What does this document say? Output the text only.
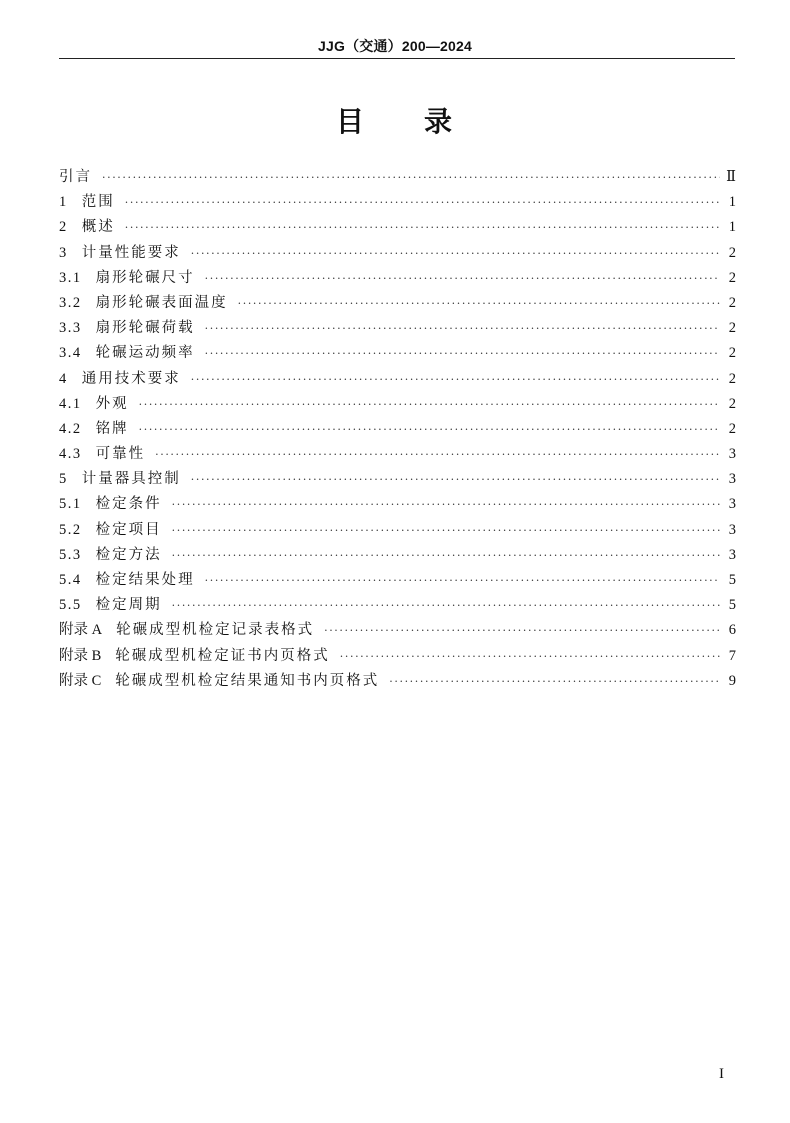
JJG（交通）200—2024
目 录
引言 ·····	Ⅱ
1 范围 ·····	1
2 概述 ·····	1
3 计量性能要求 ·····	2
3.1 扇形轮碾尺寸 ·····	2
3.2 扇形轮碾表面温度 ·····	2
3.3 扇形轮碾荷载 ·····	2
3.4 轮碾运动频率 ·····	2
4 通用技术要求 ·····	2
4.1 外观 ·····	2
4.2 铭牌 ·····	2
4.3 可靠性 ·····	3
5 计量器具控制 ·····	3
5.1 检定条件 ·····	3
5.2 检定项目 ·····	3
5.3 检定方法 ·····	3
5.4 检定结果处理 ·····	5
5.5 检定周期 ·····	5
附录 A 轮碾成型机检定记录表格式 ·····	6
附录 B 轮碾成型机检定证书内页格式 ·····	7
附录 C 轮碾成型机检定结果通知书内页格式 ·····	9
I
